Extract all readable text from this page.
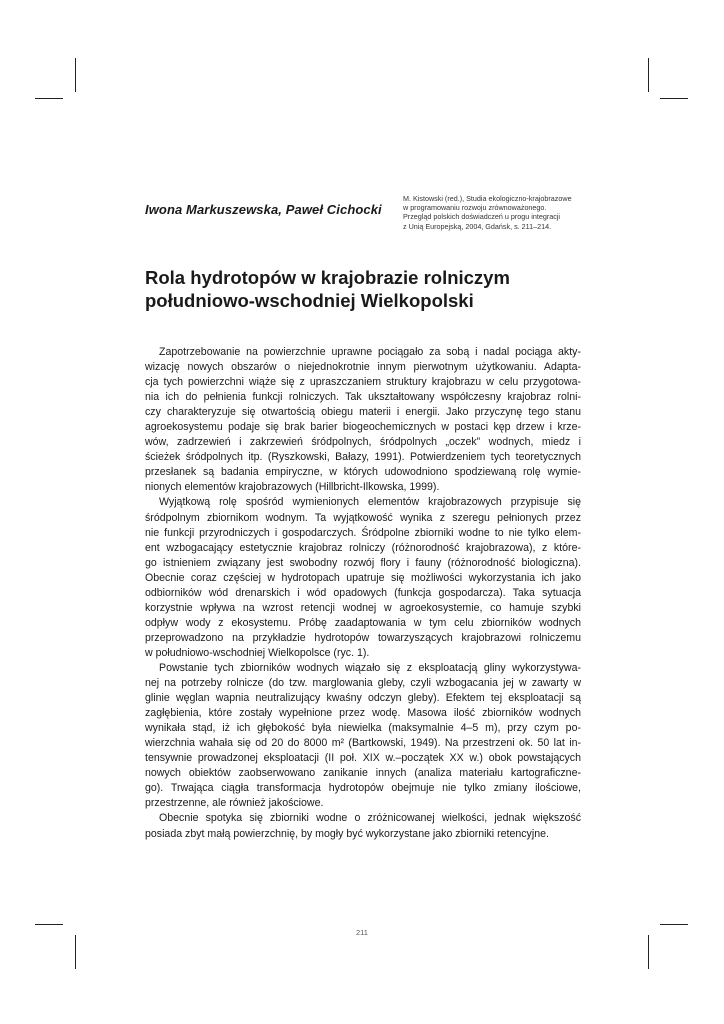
Iwona Markuszewska, Paweł Cichocki
M. Kistowski (red.), Studia ekologiczno-krajobrazowe
w programowaniu rozwoju zrównoważonego.
Przegląd polskich doświadczeń u progu integracji
z Unią Europejską, 2004, Gdańsk, s. 211–214.
Rola hydrotopów w krajobrazie rolniczym
południowo-wschodniej Wielkopolski
Zapotrzebowanie na powierzchnie uprawne pociągało za sobą i nadal pociąga akty-
wizację nowych obszarów o niejednokrotnie innym pierwotnym użytkowaniu. Adapta-
cja tych powierzchni wiąże się z upraszczaniem struktury krajobrazu w celu przygotowa-
nia ich do pełnienia funkcji rolniczych. Tak ukształtowany współczesny krajobraz rolni-
czy charakteryzuje się otwartością obiegu materii i energii. Jako przyczynę tego stanu
agroekosystemu podaje się brak barier biogeochemicznych w postaci kęp drzew i krze-
wów, zadrzewień i zakrzewień śródpolnych, śródpolnych „oczek” wodnych, miedz i
ścieżek śródpolnych itp. (Ryszkowski, Bałazy, 1991). Potwierdzeniem tych teoretycznych
przesłanek są badania empiryczne, w których udowodniono spodziewaną rolę wymie-
nionych elementów krajobrazowych (Hillbricht-Ilkowska, 1999).
Wyjątkową rolę spośród wymienionych elementów krajobrazowych przypisuje się
śródpolnym zbiornikom wodnym. Ta wyjątkowość wynika z szeregu pełnionych przez
nie funkcji przyrodniczych i gospodarczych. Śródpolne zbiorniki wodne to nie tylko elem-
ent wzbogacający estetycznie krajobraz rolniczy (różnorodność krajobrazowa), z które-
go istnieniem związany jest swobodny rozwój flory i fauny (różnorodność biologiczna).
Obecnie coraz częściej w hydrotopach upatruje się możliwości wykorzystania ich jako
odbiorników wód drenarskich i wód opadowych (funkcja gospodarcza). Taka sytuacja
korzystnie wpływa na wzrost retencji wodnej w agroekosystemie, co hamuje szybki
odpływ wody z ekosystemu. Próbę zaadaptowania w tym celu zbiorników wodnych
przeprowadzono na przykładzie hydrotopów towarzyszących krajobrazowi rolniczemu
w południowo-wschodniej Wielkopolsce (ryc. 1).
Powstanie tych zbiorników wodnych wiązało się z eksploatacją gliny wykorzystywa-
nej na potrzeby rolnicze (do tzw. marglowania gleby, czyli wzbogacania jej w zawarty w
glinie węglan wapnia neutralizujący kwaśny odczyn gleby). Efektem tej eksploatacji są
zagłębienia, które zostały wypełnione przez wodę. Masowa ilość zbiorników wodnych
wynikała stąd, iż ich głębokość była niewielka (maksymalnie 4–5 m), przy czym po-
wierzchnia wahała się od 20 do 8000 m² (Bartkowski, 1949). Na przestrzeni ok. 50 lat in-
tensywnie prowadzonej eksploatacji (II poł. XIX w.–początek XX w.) obok powstających
nowych obiektów zaobserwowano zanikanie innych (analiza materiału kartograficzne-
go). Trwająca ciągła transformacja hydrotopów obejmuje nie tylko zmiany ilościowe,
przestrzenne, ale również jakościowe.
Obecnie spotyka się zbiorniki wodne o zróżnicowanej wielkości, jednak większość
posiada zbyt małą powierzchnię, by mogły być wykorzystane jako zbiorniki retencyjne.
211
